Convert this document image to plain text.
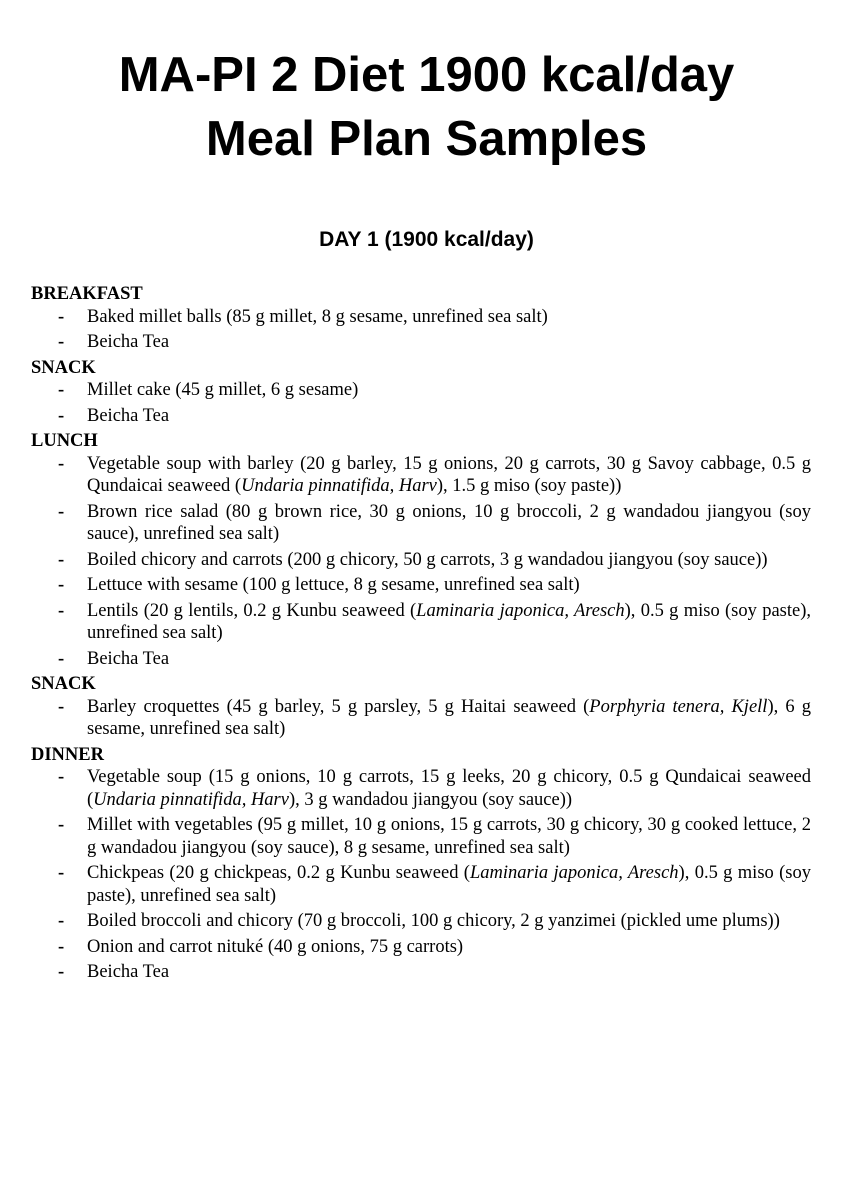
MA-PI 2 Diet 1900 kcal/day
Meal Plan Samples
DAY 1 (1900 kcal/day)
BREAKFAST
- Baked millet balls (85 g millet, 8 g sesame, unrefined sea salt)
- Beicha Tea
SNACK
- Millet cake (45 g millet, 6 g sesame)
- Beicha Tea
LUNCH
- Vegetable soup with barley (20 g barley, 15 g onions, 20 g carrots, 30 g Savoy cabbage, 0.5 g Qundaicai seaweed (Undaria pinnatifida, Harv), 1.5 g miso (soy paste))
- Brown rice salad (80 g brown rice, 30 g onions, 10 g broccoli, 2 g wandadou jiangyou (soy sauce), unrefined sea salt)
- Boiled chicory and carrots (200 g chicory, 50 g carrots, 3 g wandadou jiangyou (soy sauce))
- Lettuce with sesame (100 g lettuce, 8 g sesame, unrefined sea salt)
- Lentils (20 g lentils, 0.2 g Kunbu seaweed (Laminaria japonica, Aresch), 0.5 g miso (soy paste), unrefined sea salt)
- Beicha Tea
SNACK
- Barley croquettes (45 g barley, 5 g parsley, 5 g Haitai seaweed (Porphyria tenera, Kjell), 6 g sesame, unrefined sea salt)
DINNER
- Vegetable soup (15 g onions, 10 g carrots, 15 g leeks, 20 g chicory, 0.5 g Qundaicai seaweed (Undaria pinnatifida, Harv), 3 g wandadou jiangyou (soy sauce))
- Millet with vegetables (95 g millet, 10 g onions, 15 g carrots, 30 g chicory, 30 g cooked lettuce, 2 g wandadou jiangyou (soy sauce), 8 g sesame, unrefined sea salt)
- Chickpeas (20 g chickpeas, 0.2 g Kunbu seaweed (Laminaria japonica, Aresch), 0.5 g miso (soy paste), unrefined sea salt)
- Boiled broccoli and chicory (70 g broccoli, 100 g chicory, 2 g yanzimei (pickled ume plums))
- Onion and carrot nituké (40 g onions, 75 g carrots)
- Beicha Tea
